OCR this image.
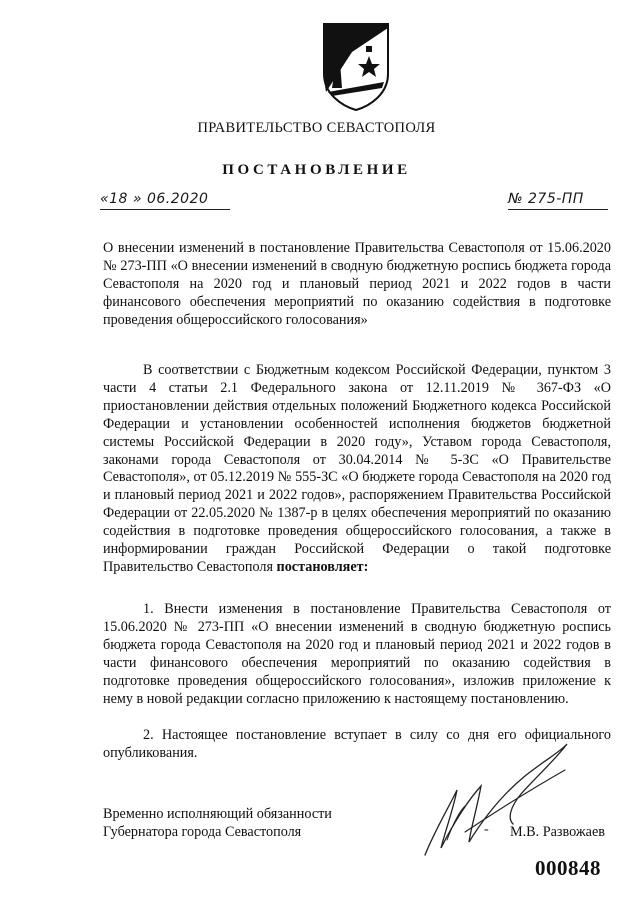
ПРАВИТЕЛЬСТВО СЕВАСТОПОЛЯ
ПОСТАНОВЛЕНИЕ
«18 » 06.2020	№ 275-ПП
О внесении изменений в постановление Правительства Севастополя от 15.06.2020 № 273-ПП «О внесении изменений в сводную бюджетную роспись бюджета города Севастополя на 2020 год и плановый период 2021 и 2022 годов в части финансового обеспечения мероприятий по оказанию содействия в подготовке проведения общероссийского голосования»
В соответствии с Бюджетным кодексом Российской Федерации, пунктом 3 части 4 статьи 2.1 Федерального закона от 12.11.2019 № 367-ФЗ «О приостановлении действия отдельных положений Бюджетного кодекса Российской Федерации и установлении особенностей исполнения бюджетов бюджетной системы Российской Федерации в 2020 году», Уставом города Севастополя, законами города Севастополя от 30.04.2014 № 5-ЗС «О Правительстве Севастополя», от 05.12.2019 № 555-ЗС «О бюджете города Севастополя на 2020 год и плановый период 2021 и 2022 годов», распоряжением Правительства Российской Федерации от 22.05.2020 № 1387-р в целях обеспечения мероприятий по оказанию содействия в подготовке проведения общероссийского голосования, а также в информировании граждан Российской Федерации о такой подготовке Правительство Севастополя постановляет:
1. Внести изменения в постановление Правительства Севастополя от 15.06.2020 № 273-ПП «О внесении изменений в сводную бюджетную роспись бюджета города Севастополя на 2020 год и плановый период 2021 и 2022 годов в части финансового обеспечения мероприятий по оказанию содействия в подготовке проведения общероссийского голосования», изложив приложение к нему в новой редакции согласно приложению к настоящему постановлению.
2. Настоящее постановление вступает в силу со дня его официального опубликования.
Временно исполняющий обязанности
Губернатора города Севастополя	- М.В. Развожаев
000848
